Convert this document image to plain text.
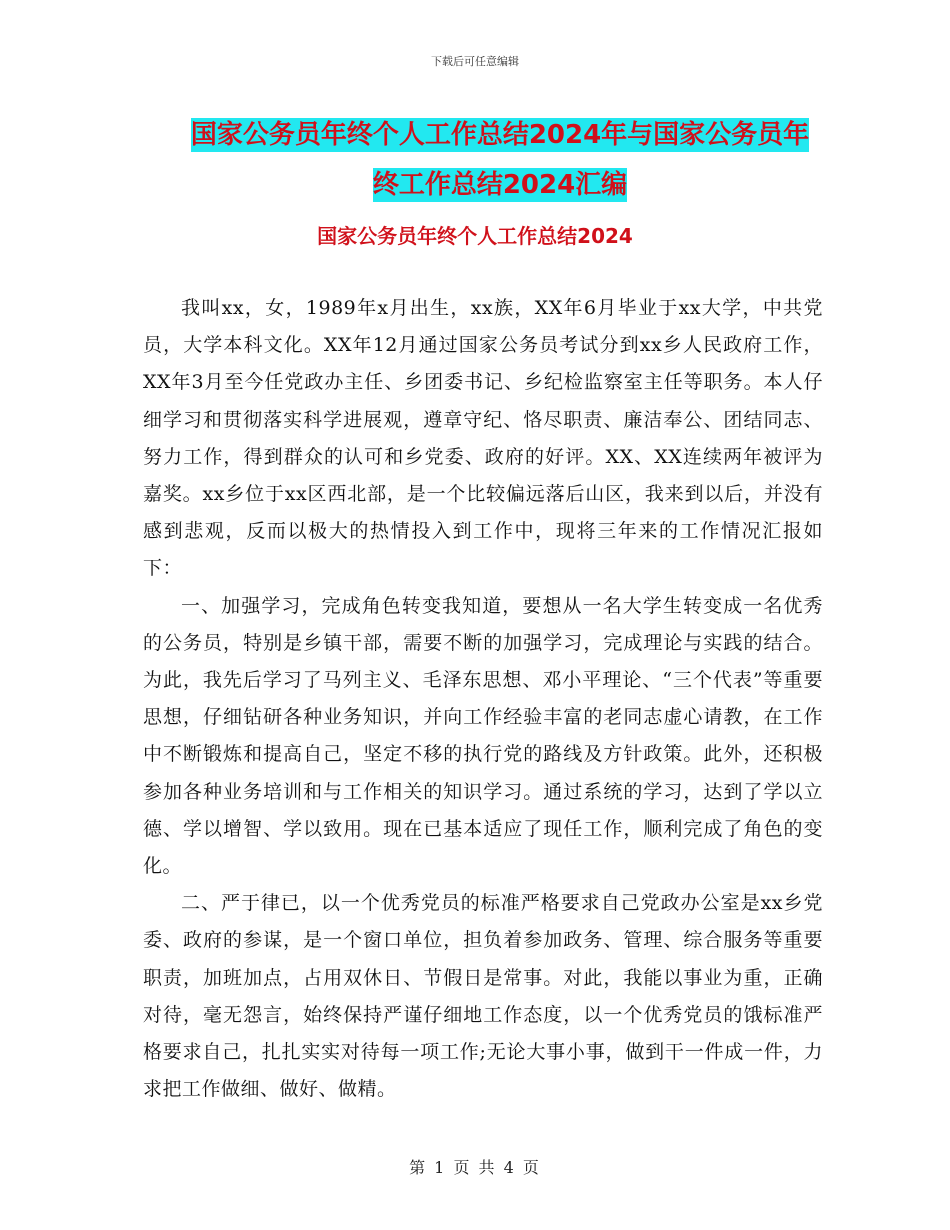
下载后可任意编辑
国家公务员年终个人工作总结2024年与国家公务员年
终工作总结2024汇编
国家公务员年终个人工作总结2024

我叫xx，女，1989年x月出生，xx族，XX年6月毕业于xx大学，中共党员，大学本科文化。XX年12月通过国家公务员考试分到xx乡人民政府工作，XX年3月至今任党政办主任、乡团委书记、乡纪检监察室主任等职务。本人仔细学习和贯彻落实科学进展观，遵章守纪、恪尽职责、廉洁奉公、团结同志、努力工作，得到群众的认可和乡党委、政府的好评。XX、XX连续两年被评为嘉奖。xx乡位于xx区西北部，是一个比较偏远落后山区，我来到以后，并没有感到悲观，反而以极大的热情投入到工作中，现将三年来的工作情况汇报如下：

一、加强学习，完成角色转变我知道，要想从一名大学生转变成一名优秀的公务员，特别是乡镇干部，需要不断的加强学习，完成理论与实践的结合。为此，我先后学习了马列主义、毛泽东思想、邓小平理论、“三个代表”等重要思想，仔细钻研各种业务知识，并向工作经验丰富的老同志虚心请教，在工作中不断锻炼和提高自己，坚定不移的执行党的路线及方针政策。此外，还积极参加各种业务培训和与工作相关的知识学习。通过系统的学习，达到了学以立德、学以增智、学以致用。现在已基本适应了现任工作，顺利完成了角色的变化。

二、严于律已，以一个优秀党员的标准严格要求自己党政办公室是xx乡党委、政府的参谋，是一个窗口单位，担负着参加政务、管理、综合服务等重要职责，加班加点，占用双休日、节假日是常事。对此，我能以事业为重，正确对待，毫无怨言，始终保持严谨仔细地工作态度，以一个优秀党员的饿标准严格要求自己，扎扎实实对待每一项工作;无论大事小事，做到干一件成一件，力求把工作做细、做好、做精。

第 1 页 共 4 页
